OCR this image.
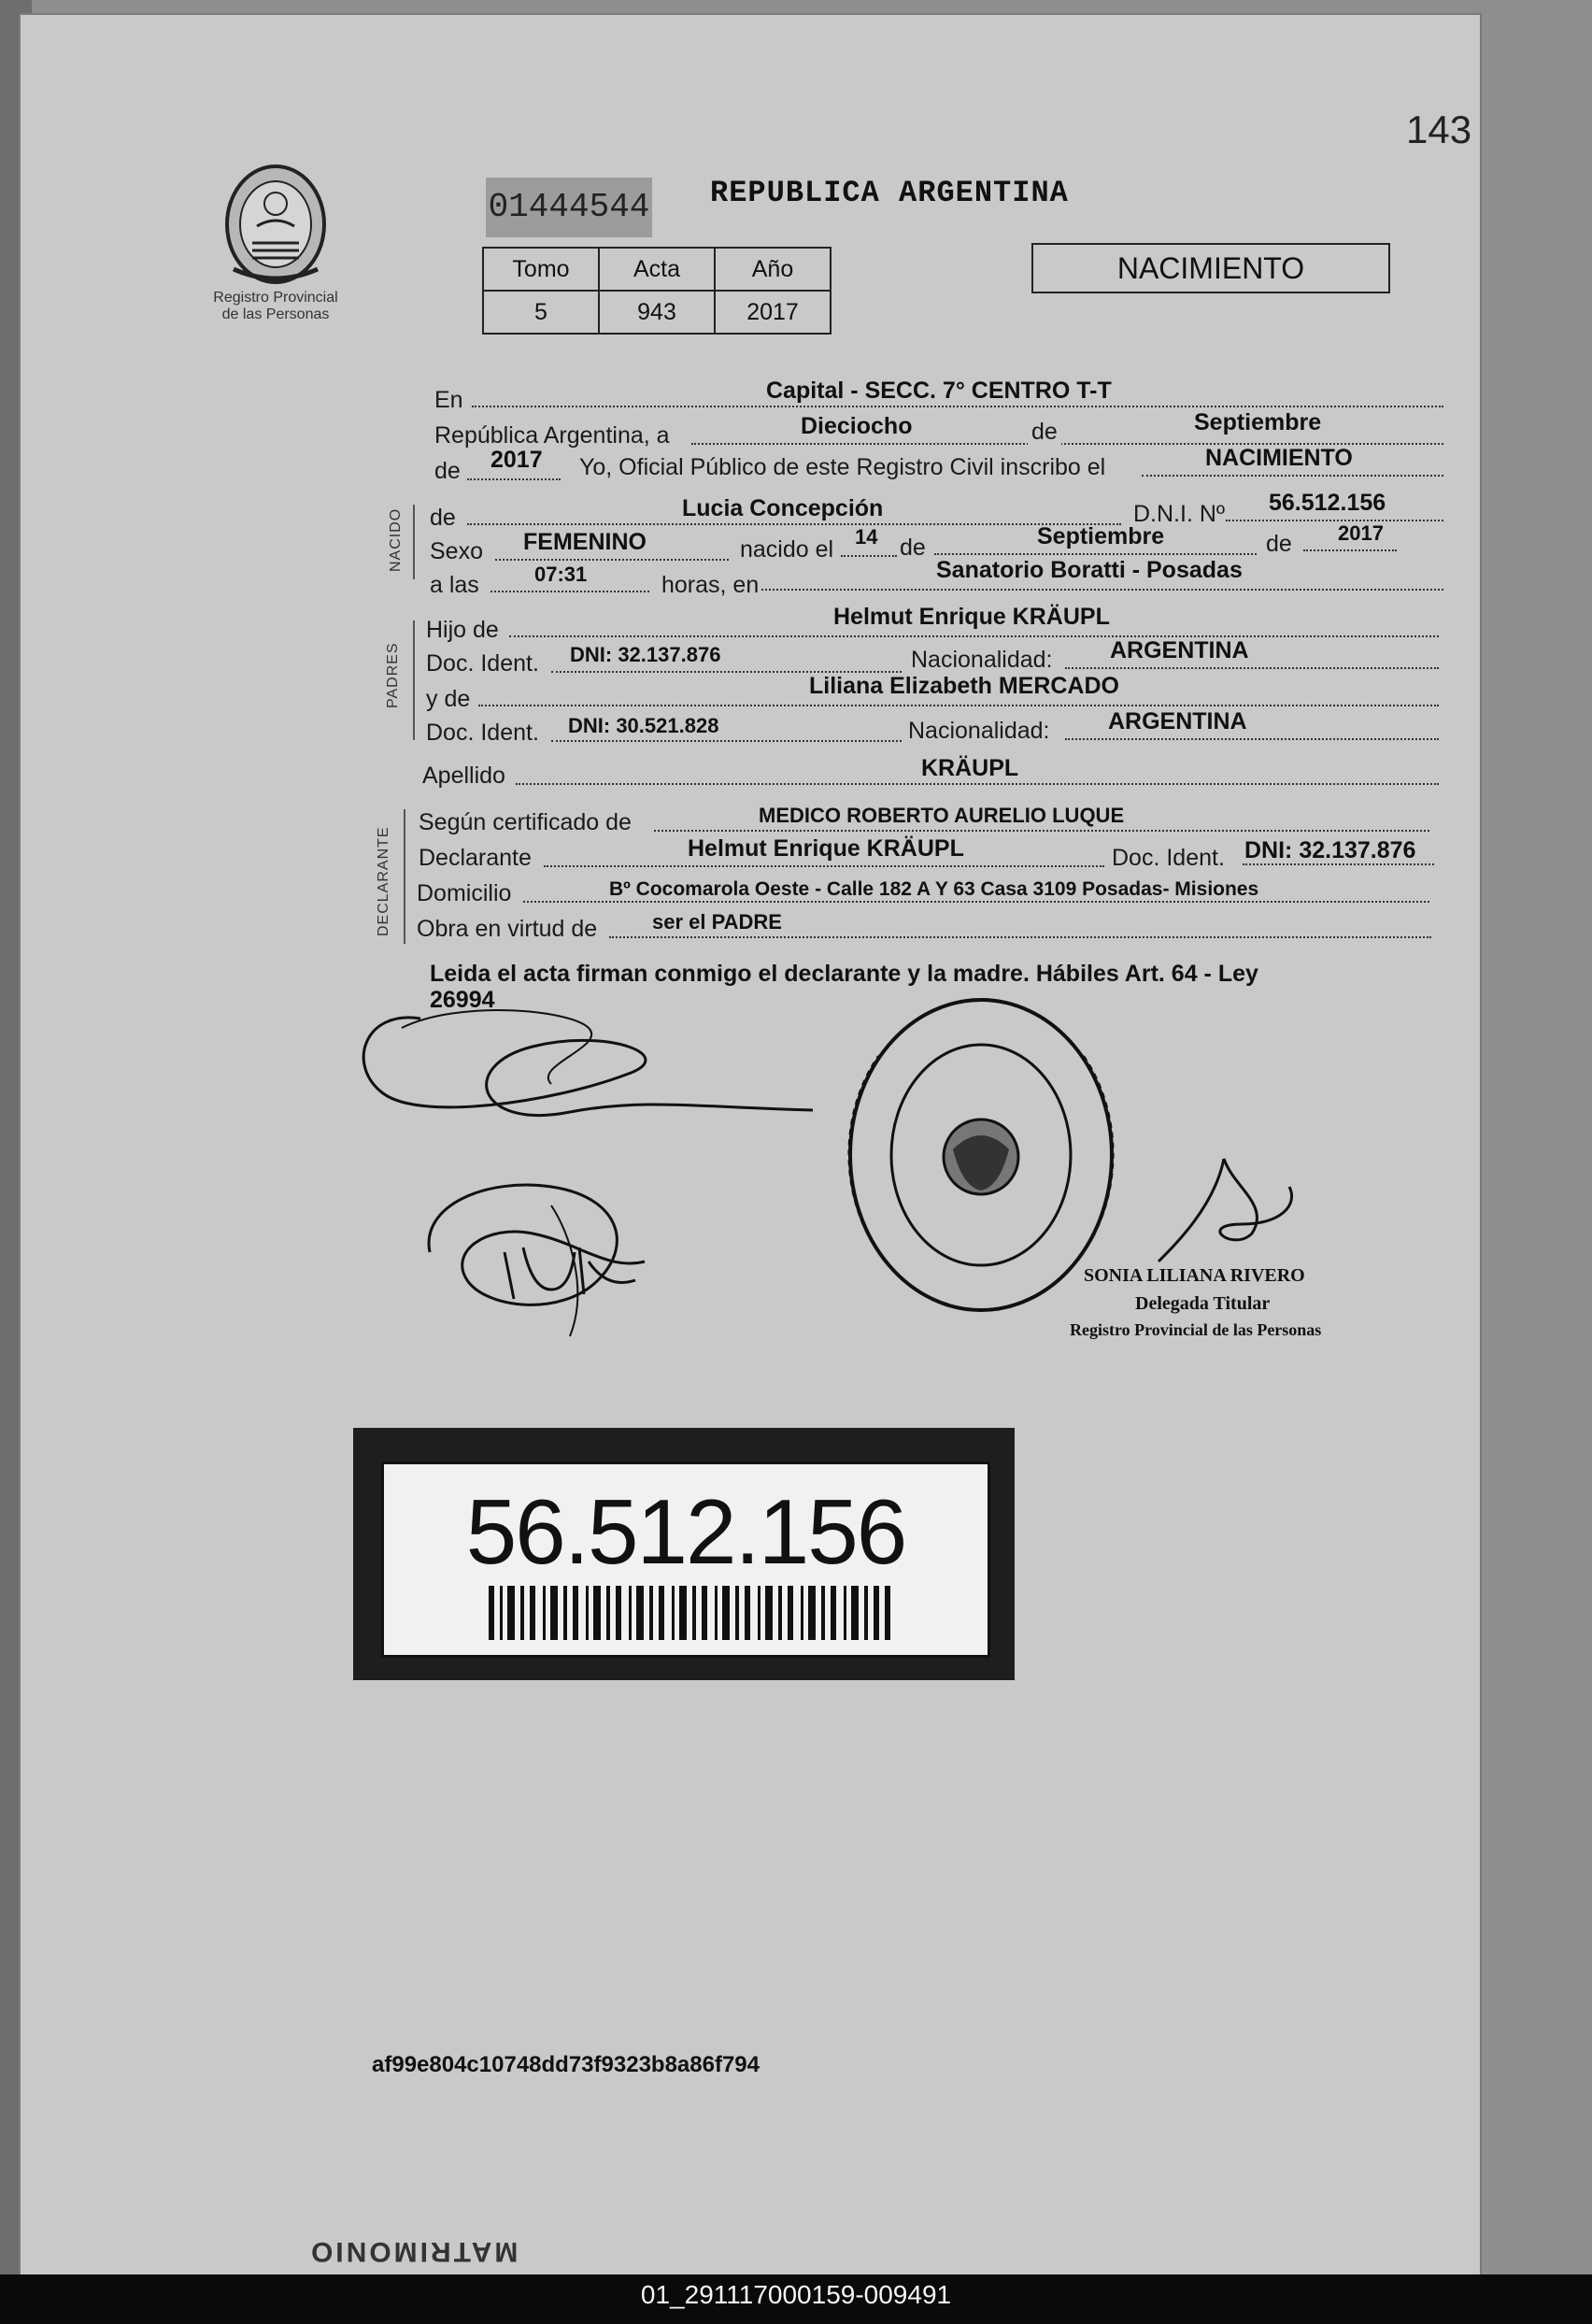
143
Registro Provincial
de las Personas
01444544 REPUBLICA ARGENTINA
Tomo	Acta	Año
5	943	2017
NACIMIENTO
En	Capital - SECC. 7° CENTRO T-T
República Argentina, a	Dieciocho	de	Septiembre
de 2017 Yo, Oficial Público de este Registro Civil inscribo el	NACIMIENTO
NACIDO de	Lucia Concepción	D.N.I. Nº 56.512.156
Sexo FEMENINO	nacido el 14 de	Septiembre	de 2017
a las	07:31	horas, en
Sanatorio Boratti - Posadas
PADRES
Hijo de	Helmut Enrique KRÄUPL
Doc. Ident. DNI: 32.137.876	Nacionalidad: ARGENTINA
y de	Liliana Elizabeth MERCADO
Doc. Ident. DNI: 30.521.828	Nacionalidad:	ARGENTINA
Apellido	KRÄUPL
DECLARANTE
Según certificado de	MEDICO ROBERTO AURELIO LUQUE
Declarante	Helmut Enrique KRÄUPL	Doc. Ident. DNI: 32.137.876
Domicilio	Bº Cocomarola Oeste - Calle 182 A Y 63 Casa 3109 Posadas- Misiones
Obra en virtud de	ser el PADRE
Leida el acta firman conmigo el declarante y la madre. Hábiles Art. 64 - Ley
26994
SONIA LILIANA RIVERO
Delegada Titular
Registro Provincial de las Personas
56.512.156
af99e804c10748dd73f9323b8a86f794
MATRIMONIO
01_291117000159-009491
